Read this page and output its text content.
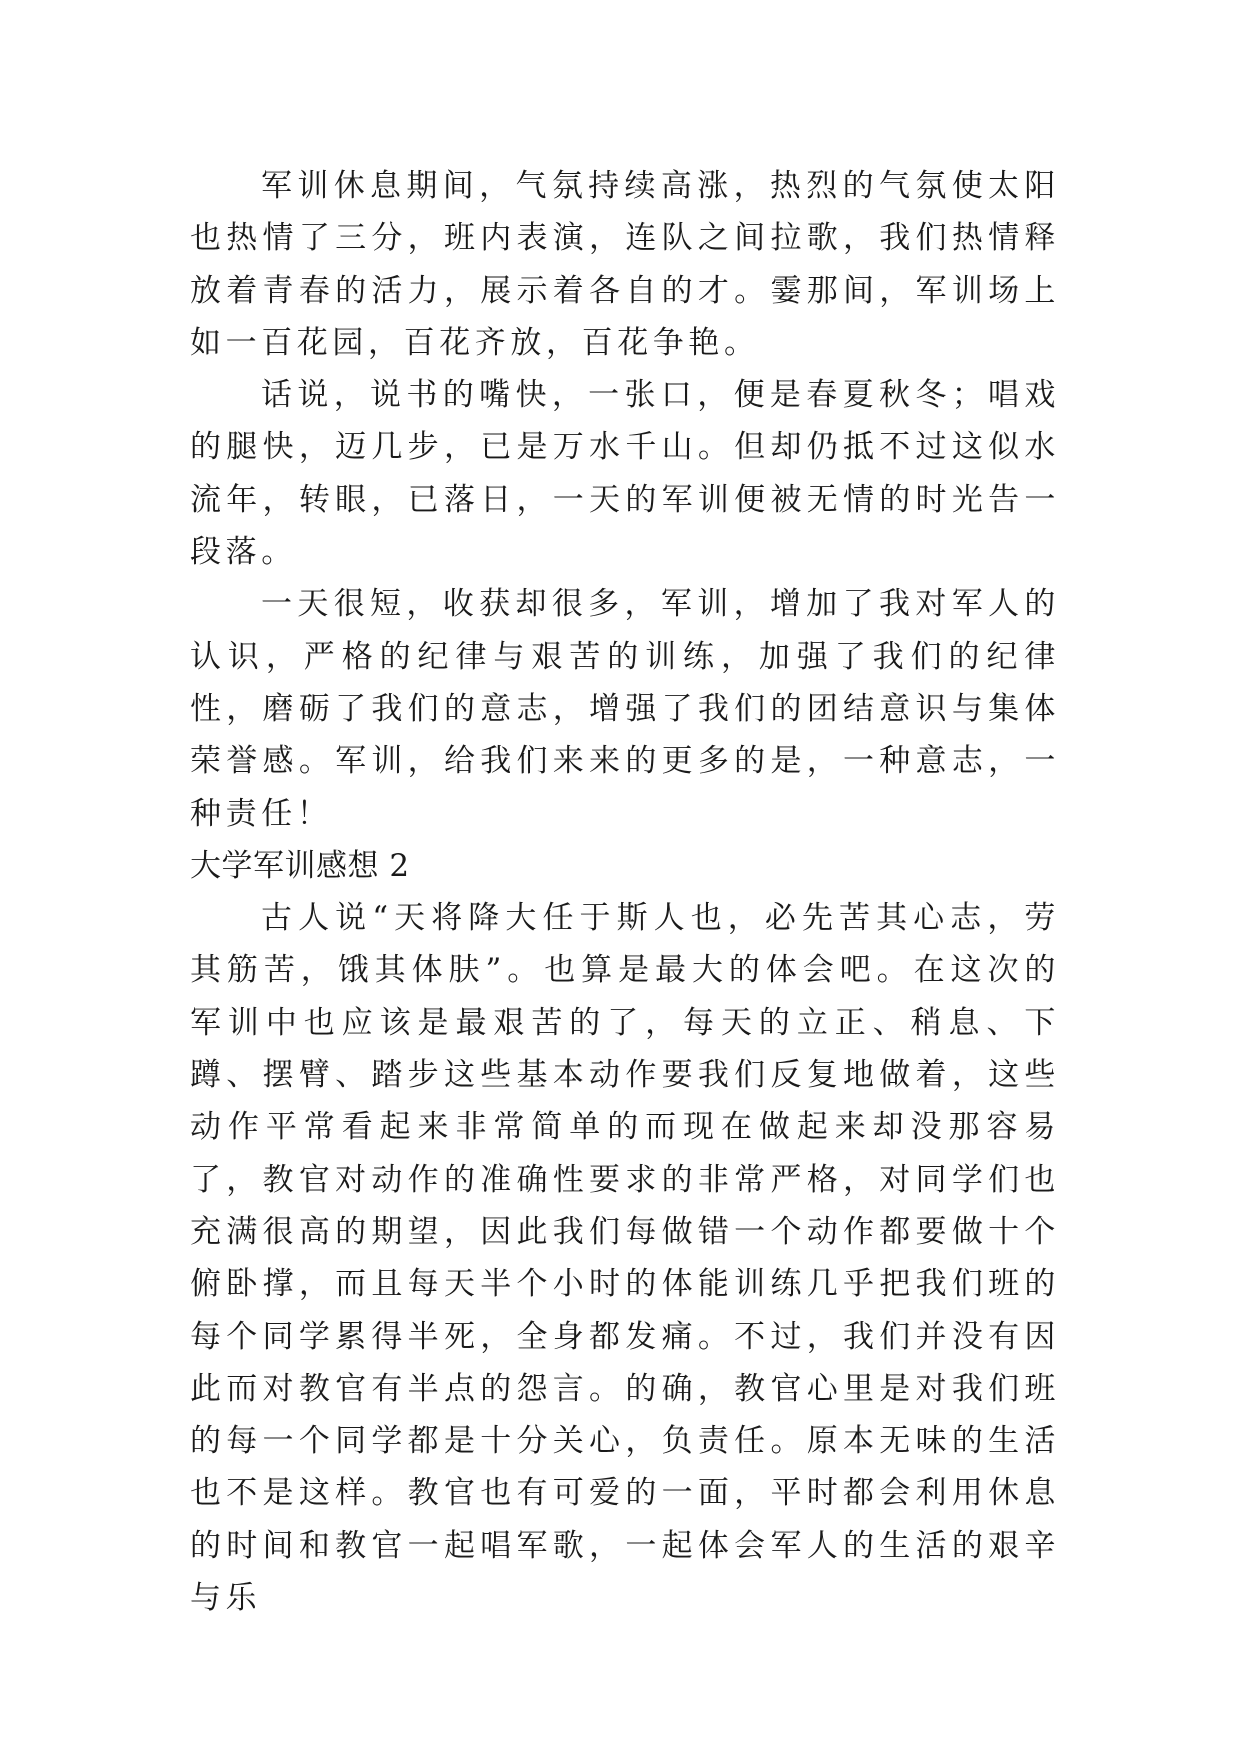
军训休息期间，气氛持续高涨，热烈的气氛使太阳也热情了三分，班内表演，连队之间拉歌，我们热情释放着青春的活力，展示着各自的才。霎那间，军训场上如一百花园，百花齐放，百花争艳。

话说，说书的嘴快，一张口，便是春夏秋冬；唱戏的腿快，迈几步，已是万水千山。但却仍抵不过这似水流年，转眼，已落日，一天的军训便被无情的时光告一段落。

一天很短，收获却很多，军训，增加了我对军人的认识，严格的纪律与艰苦的训练，加强了我们的纪律性，磨砺了我们的意志，增强了我们的团结意识与集体荣誉感。军训，给我们来来的更多的是，一种意志，一种责任！

大学军训感想 2

古人说“天将降大任于斯人也，必先苦其心志，劳其筋苦，饿其体肤”。也算是最大的体会吧。在这次的军训中也应该是最艰苦的了，每天的立正、稍息、下蹲、摆臂、踏步这些基本动作要我们反复地做着，这些动作平常看起来非常简单的而现在做起来却没那容易了，教官对动作的准确性要求的非常严格，对同学们也充满很高的期望，因此我们每做错一个动作都要做十个俯卧撑，而且每天半个小时的体能训练几乎把我们班的每个同学累得半死，全身都发痛。不过，我们并没有因此而对教官有半点的怨言。的确，教官心里是对我们班的每一个同学都是十分关心，负责任。原本无味的生活也不是这样。教官也有可爱的一面，平时都会利用休息的时间和教官一起唱军歌，一起体会军人的生活的艰辛与乐
